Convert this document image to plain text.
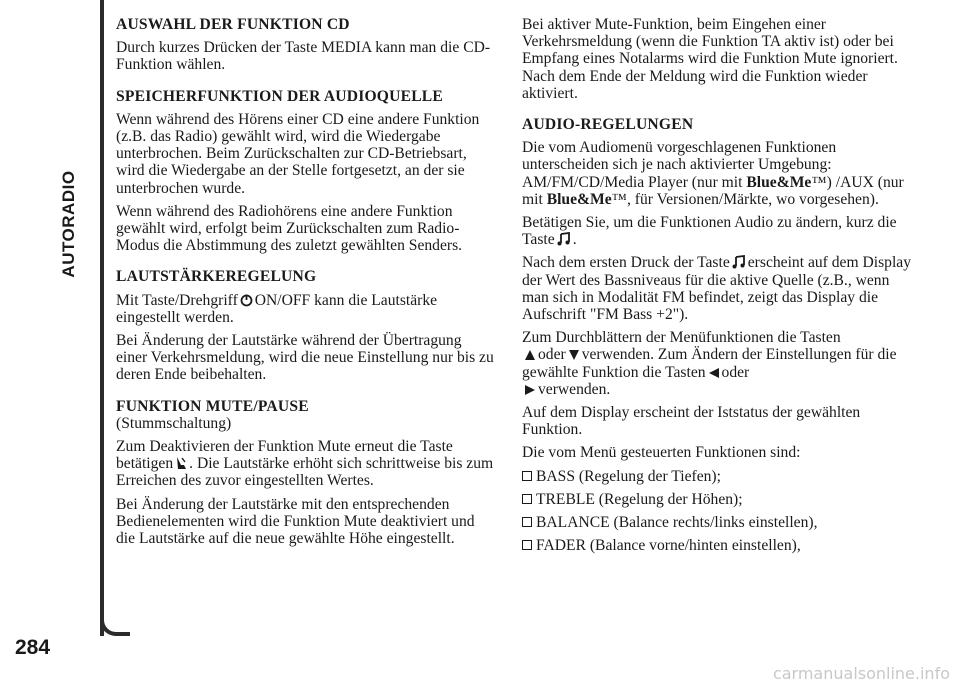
AUTORADIO
284
AUSWAHL DER FUNKTION CD

Durch kurzes Drücken der Taste MEDIA kann man die CD-Funktion wählen.

SPEICHERFUNKTION DER AUDIOQUELLE

Wenn während des Hörens einer CD eine andere Funktion (z.B. das Radio) gewählt wird, wird die Wiedergabe unterbrochen. Beim Zurückschalten zur CD-Betriebsart, wird die Wiedergabe an der Stelle fortgesetzt, an der sie unterbrochen wurde.

Wenn während des Radiohörens eine andere Funktion gewählt wird, erfolgt beim Zurückschalten zum Radio-Modus die Abstimmung des zuletzt gewählten Senders.

LAUTSTÄRKEREGELUNG

Mit Taste/Drehgriff ON/OFF kann die Lautstärke eingestellt werden.

Bei Änderung der Lautstärke während der Übertragung einer Verkehrsmeldung, wird die neue Einstellung nur bis zu deren Ende beibehalten.

FUNKTION MUTE/PAUSE

(Stummschaltung)

Zum Deaktivieren der Funktion Mute erneut die Taste betätigen . Die Lautstärke erhöht sich schrittweise bis zum Erreichen des zuvor eingestellten Wertes.

Bei Änderung der Lautstärke mit den entsprechenden Bedienelementen wird die Funktion Mute deaktiviert und die Lautstärke auf die neue gewählte Höhe eingestellt.

Bei aktiver Mute-Funktion, beim Eingehen einer Verkehrsmeldung (wenn die Funktion TA aktiv ist) oder bei Empfang eines Notalarms wird die Funktion Mute ignoriert. Nach dem Ende der Meldung wird die Funktion wieder aktiviert.

AUDIO-REGELUNGEN

Die vom Audiomenü vorgeschlagenen Funktionen unterscheiden sich je nach aktivierter Umgebung: AM/FM/CD/Media Player (nur mit Blue&Me™) /AUX (nur mit Blue&Me™, für Versionen/Märkte, wo vorgesehen).

Betätigen Sie, um die Funktionen Audio zu ändern, kurz die Taste .

Nach dem ersten Druck der Taste erscheint auf dem Display der Wert des Bassniveaus für die aktive Quelle (z.B., wenn man sich in Modalität FM befindet, zeigt das Display die Aufschrift "FM Bass +2").

Zum Durchblättern der Menüfunktionen die Tasten
oder verwenden. Zum Ändern der Einstellungen für die gewählte Funktion die Tasten oder
verwenden.

Auf dem Display erscheint der Iststatus der gewählten Funktion.

Die vom Menü gesteuerten Funktionen sind:

BASS (Regelung der Tiefen);

TREBLE (Regelung der Höhen);

BALANCE (Balance rechts/links einstellen),

FADER (Balance vorne/hinten einstellen),

carmanualsonline.info
